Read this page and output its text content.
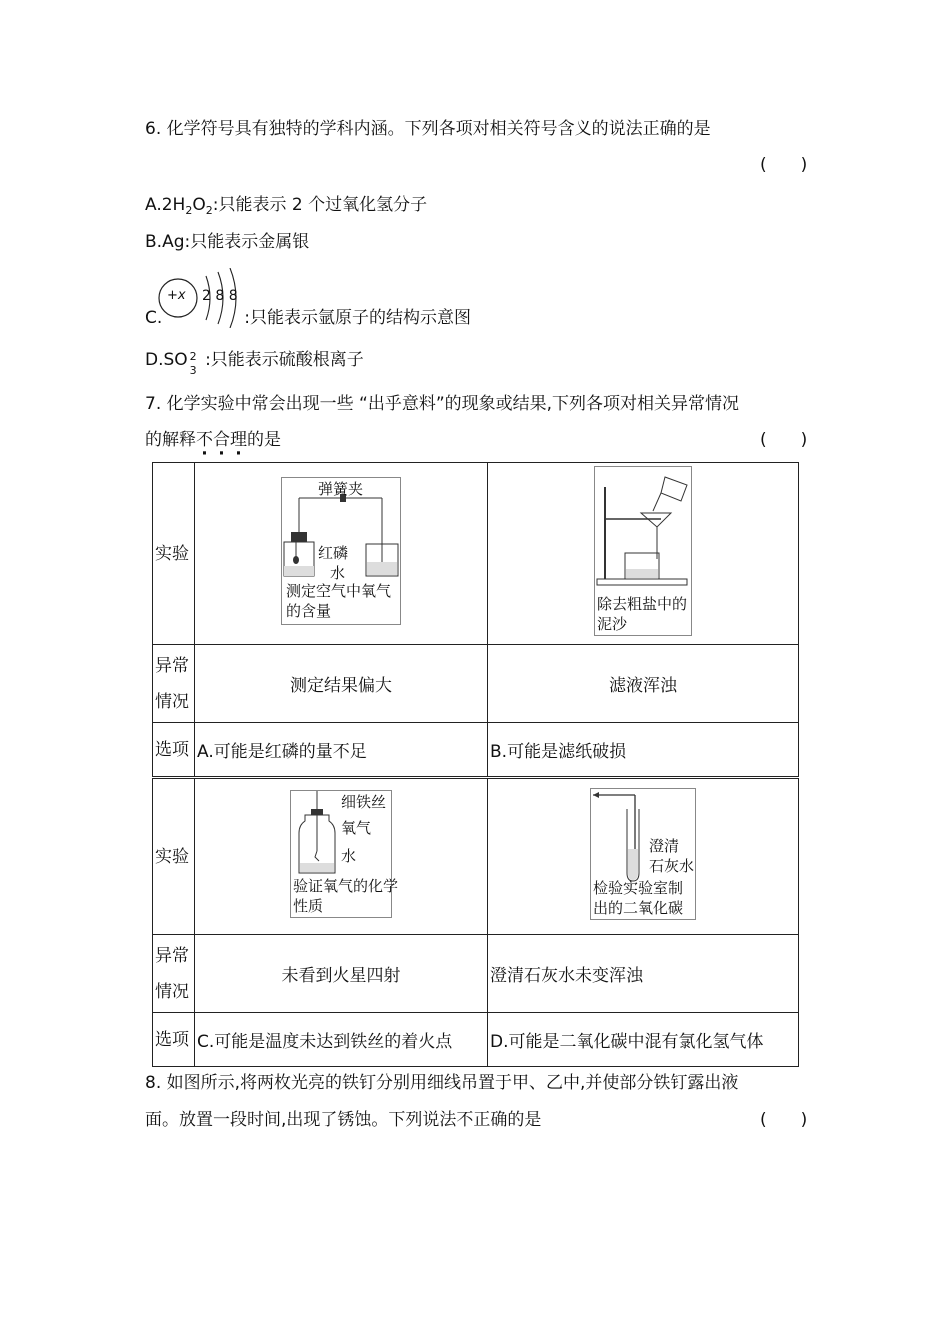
6. 化学符号具有独特的学科内涵。下列各项对相关符号含义的说法正确的是
(　　)
$A.2H_2O_2$:只能表示 2 个过氧化氢分子
B.Ag:只能表示金属银
+x 2 8 8
C.	:只能表示氩原子的结构示意图
D.SO 2
3
:只能表示硫酸根离子
7. 化学实验中常会出现一些 “出乎意料”的现象或结果,下列各项对相关异常情况
的解释不合理的是	(　　)
实验	弹簧夹
红磷
水
测定空气中氧气
的含量	除去粗盐中的
泥沙

异常
情况	测定结果偏大	滤液浑浊
选项	A.可能是红磷的量不足	B.可能是滤纸破损
实验	细铁丝
氧气
水
验证氧气的化学
性质	澄清
石灰水
检验实验室制
出的二氧化碳

异常
情况	未看到火星四射	澄清石灰水未变浑浊
选项	C.可能是温度未达到铁丝的着火点	D.可能是二氧化碳中混有氯化氢气体
8. 如图所示,将两枚光亮的铁钉分别用细线吊置于甲、乙中,并使部分铁钉露出液
面。放置一段时间,出现了锈蚀。下列说法不正确的是	(　　)
